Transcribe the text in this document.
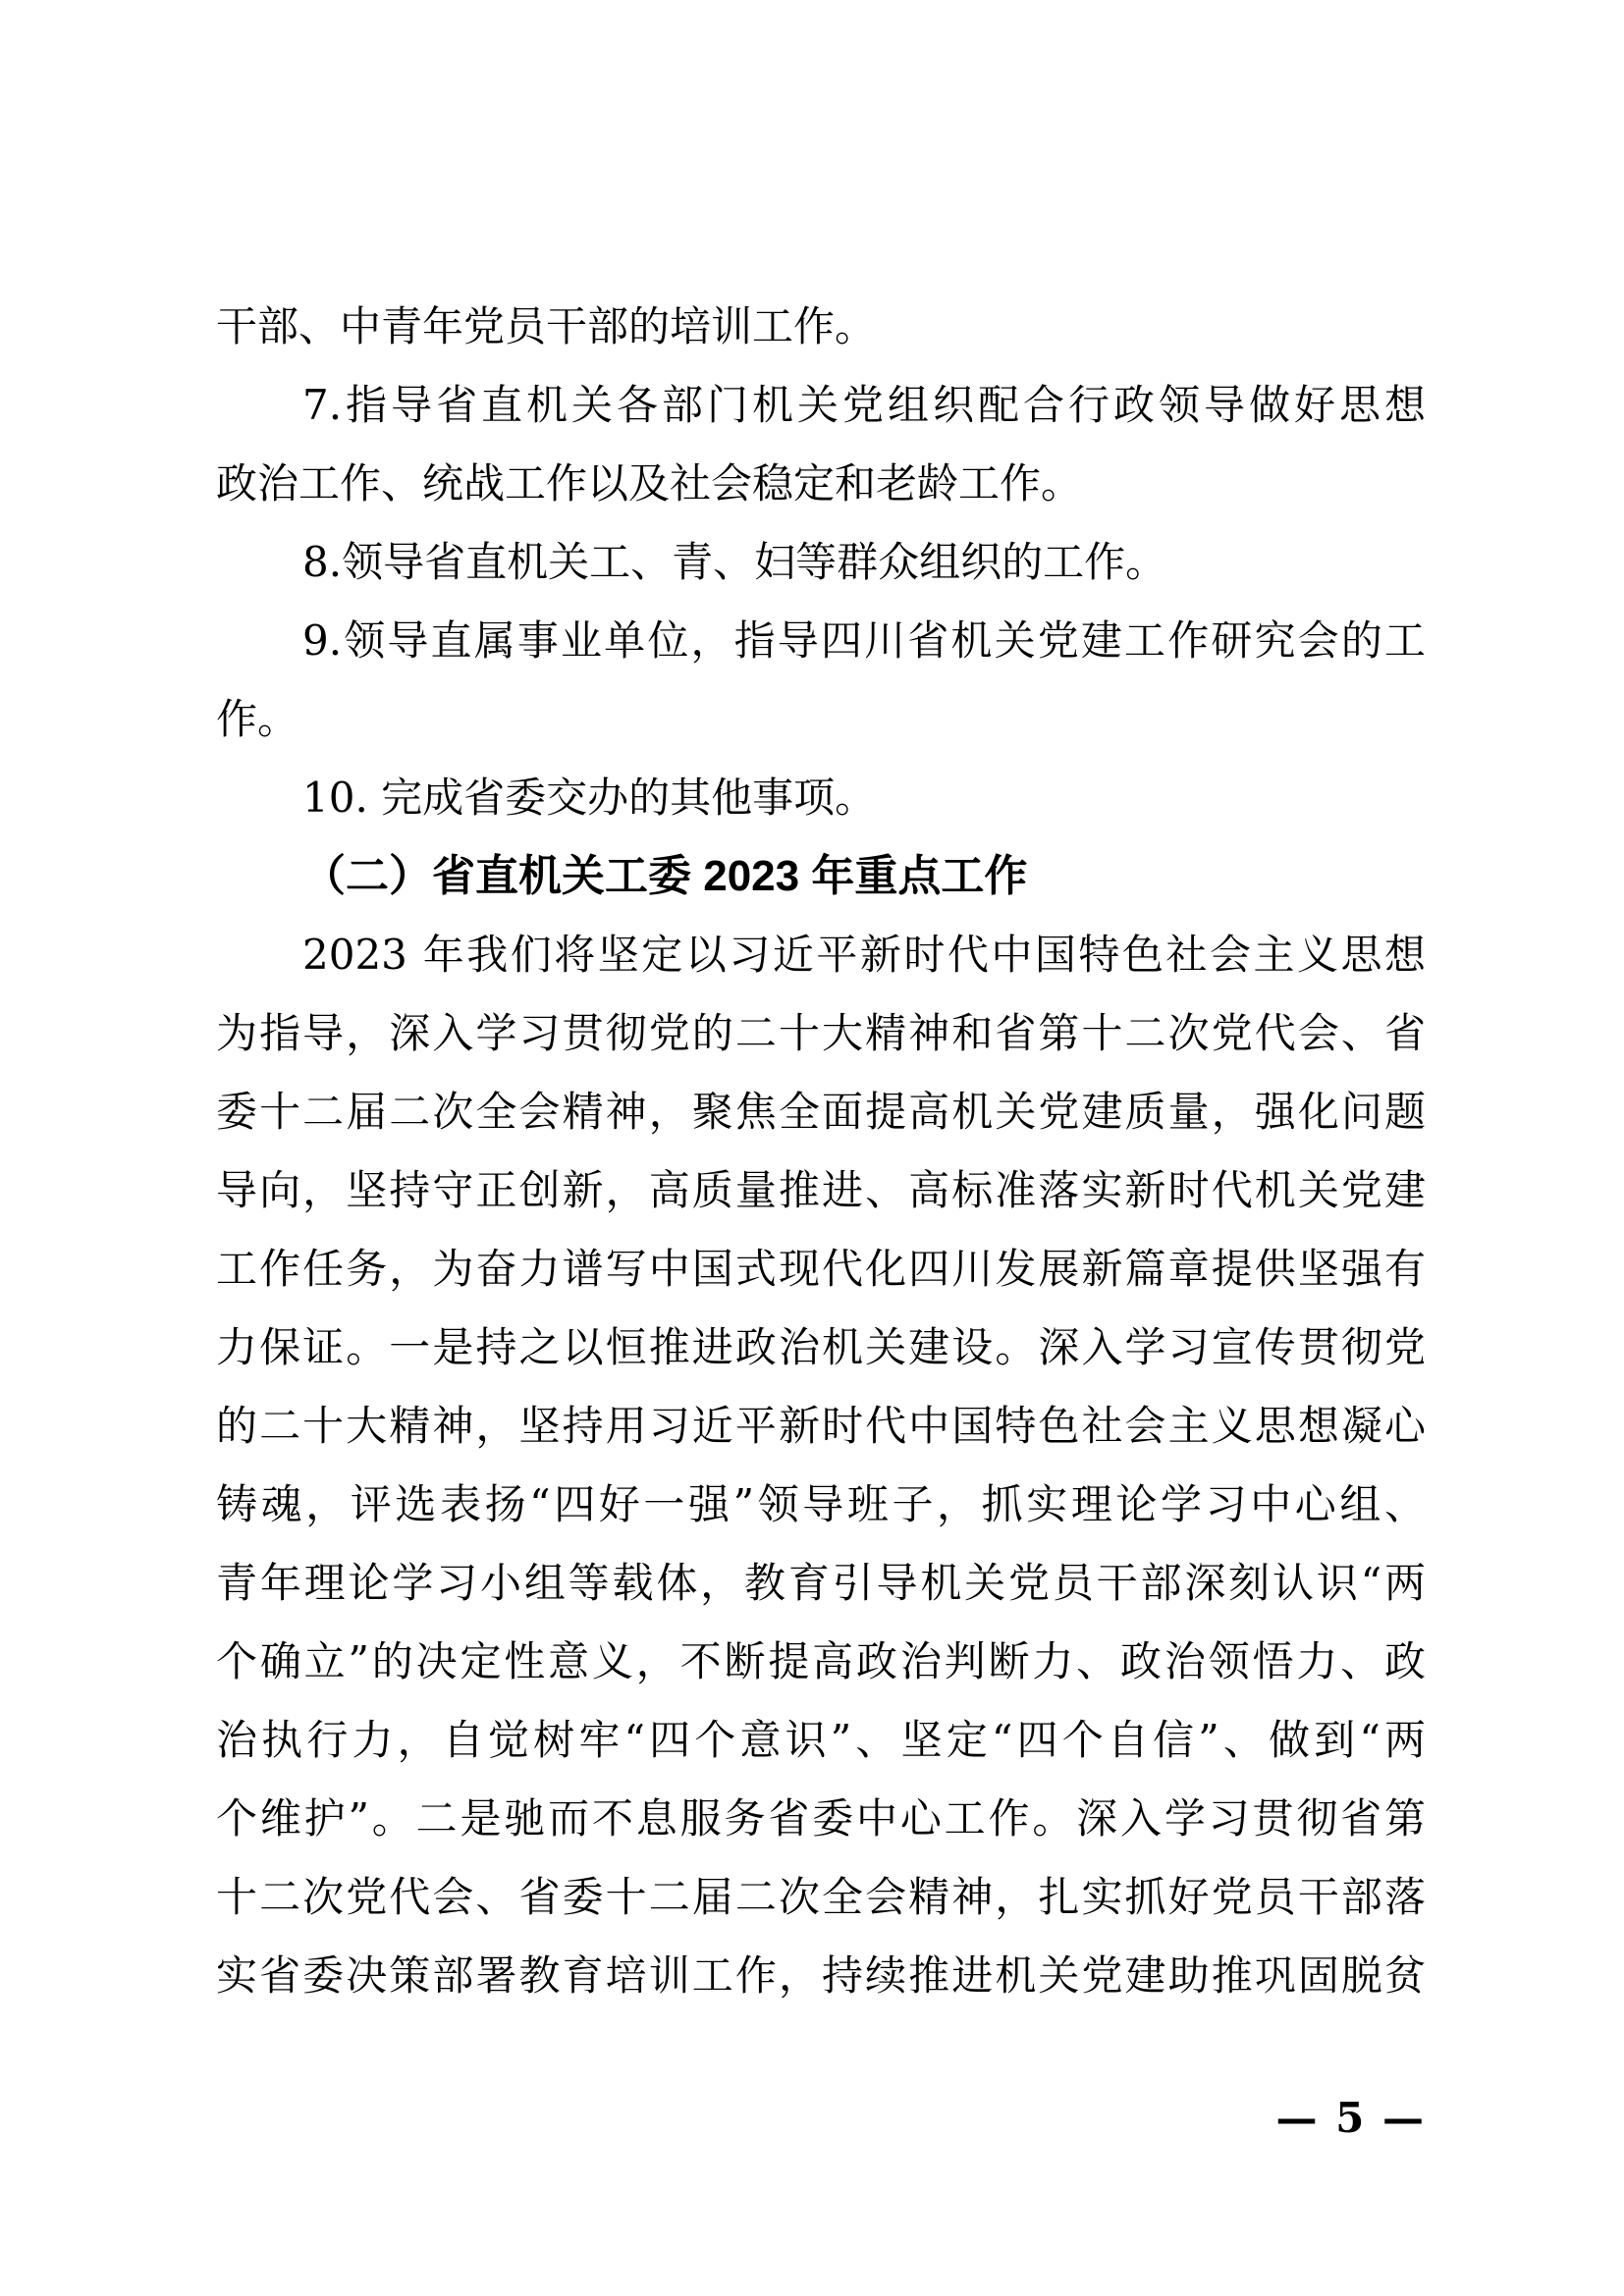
干部、中青年党员干部的培训工作。
7.指导省直机关各部门机关党组织配合行政领导做好思想
政治工作、统战工作以及社会稳定和老龄工作。
8.领导省直机关工、青、妇等群众组织的工作。
9.领导直属事业单位，指导四川省机关党建工作研究会的工
作。
10. 完成省委交办的其他事项。
（二）省直机关工委 2023 年重点工作
2023 年我们将坚定以习近平新时代中国特色社会主义思想
为指导，深入学习贯彻党的二十大精神和省第十二次党代会、省
委十二届二次全会精神，聚焦全面提高机关党建质量，强化问题
导向，坚持守正创新，高质量推进、高标准落实新时代机关党建
工作任务，为奋力谱写中国式现代化四川发展新篇章提供坚强有
力保证。一是持之以恒推进政治机关建设。深入学习宣传贯彻党
的二十大精神，坚持用习近平新时代中国特色社会主义思想凝心
铸魂，评选表扬“四好一强”领导班子，抓实理论学习中心组、
青年理论学习小组等载体，教育引导机关党员干部深刻认识“两
个确立”的决定性意义，不断提高政治判断力、政治领悟力、政
治执行力，自觉树牢“四个意识”、坚定“四个自信”、做到“两
个维护”。二是驰而不息服务省委中心工作。深入学习贯彻省第
十二次党代会、省委十二届二次全会精神，扎实抓好党员干部落
实省委决策部署教育培训工作，持续推进机关党建助推巩固脱贫
— 5 —
